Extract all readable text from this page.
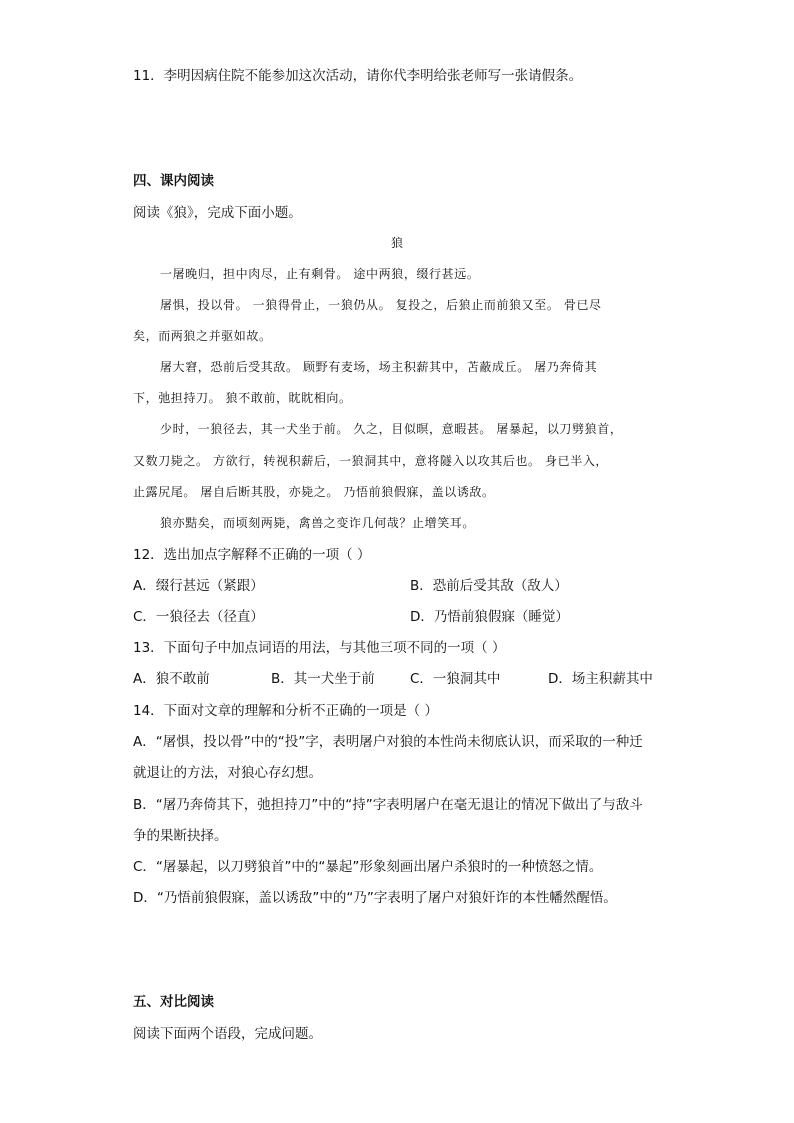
11．李明因病住院不能参加这次活动，请你代李明给张老师写一张请假条。
四、课内阅读
阅读《狼》，完成下面小题。
狼
一屠晚归，担中肉尽，止有剩骨。 途中两狼，缀行甚远。
屠惧，投以骨。 一狼得骨止，一狼仍从。 复投之，后狼止而前狼又至。 骨已尽
矣，而两狼之并驱如故。
屠大窘，恐前后受其敌。 顾野有麦场，场主积薪其中，苫蔽成丘。 屠乃奔倚其
下，弛担持刀。 狼不敢前，眈眈相向。
少时，一狼径去，其一犬坐于前。 久之，目似暝，意暇甚。 屠暴起，以刀劈狼首，
又数刀毙之。 方欲行，转视积薪后，一狼洞其中，意将隧入以攻其后也。 身已半入，
止露尻尾。 屠自后断其股，亦毙之。 乃悟前狼假寐，盖以诱敌。
狼亦黠矣，而顷刻两毙，禽兽之变诈几何哉？止增笑耳。
12．选出加点字解释不正确的一项（ ）
A．缀行甚远（紧跟）	B．恐前后受其敌（敌人）
C．一狼径去（径直）	D．乃悟前狼假寐（睡觉）
13．下面句子中加点词语的用法，与其他三项不同的一项（ ）
A．狼不敢前	B．其一犬坐于前	C．一狼洞其中	D．场主积薪其中
14．下面对文章的理解和分析不正确的一项是（ ）
A．“屠惧，投以骨”中的“投”字，表明屠户对狼的本性尚未彻底认识，而采取的一种迁
就退让的方法，对狼心存幻想。
B．“屠乃奔倚其下，弛担持刀”中的“持”字表明屠户在毫无退让的情况下做出了与敌斗
争的果断抉择。
C．“屠暴起，以刀劈狼首”中的“暴起”形象刻画出屠户杀狼时的一种愤怒之情。
D．“乃悟前狼假寐，盖以诱敌”中的“乃”字表明了屠户对狼奸诈的本性幡然醒悟。
五、对比阅读
阅读下面两个语段，完成问题。
